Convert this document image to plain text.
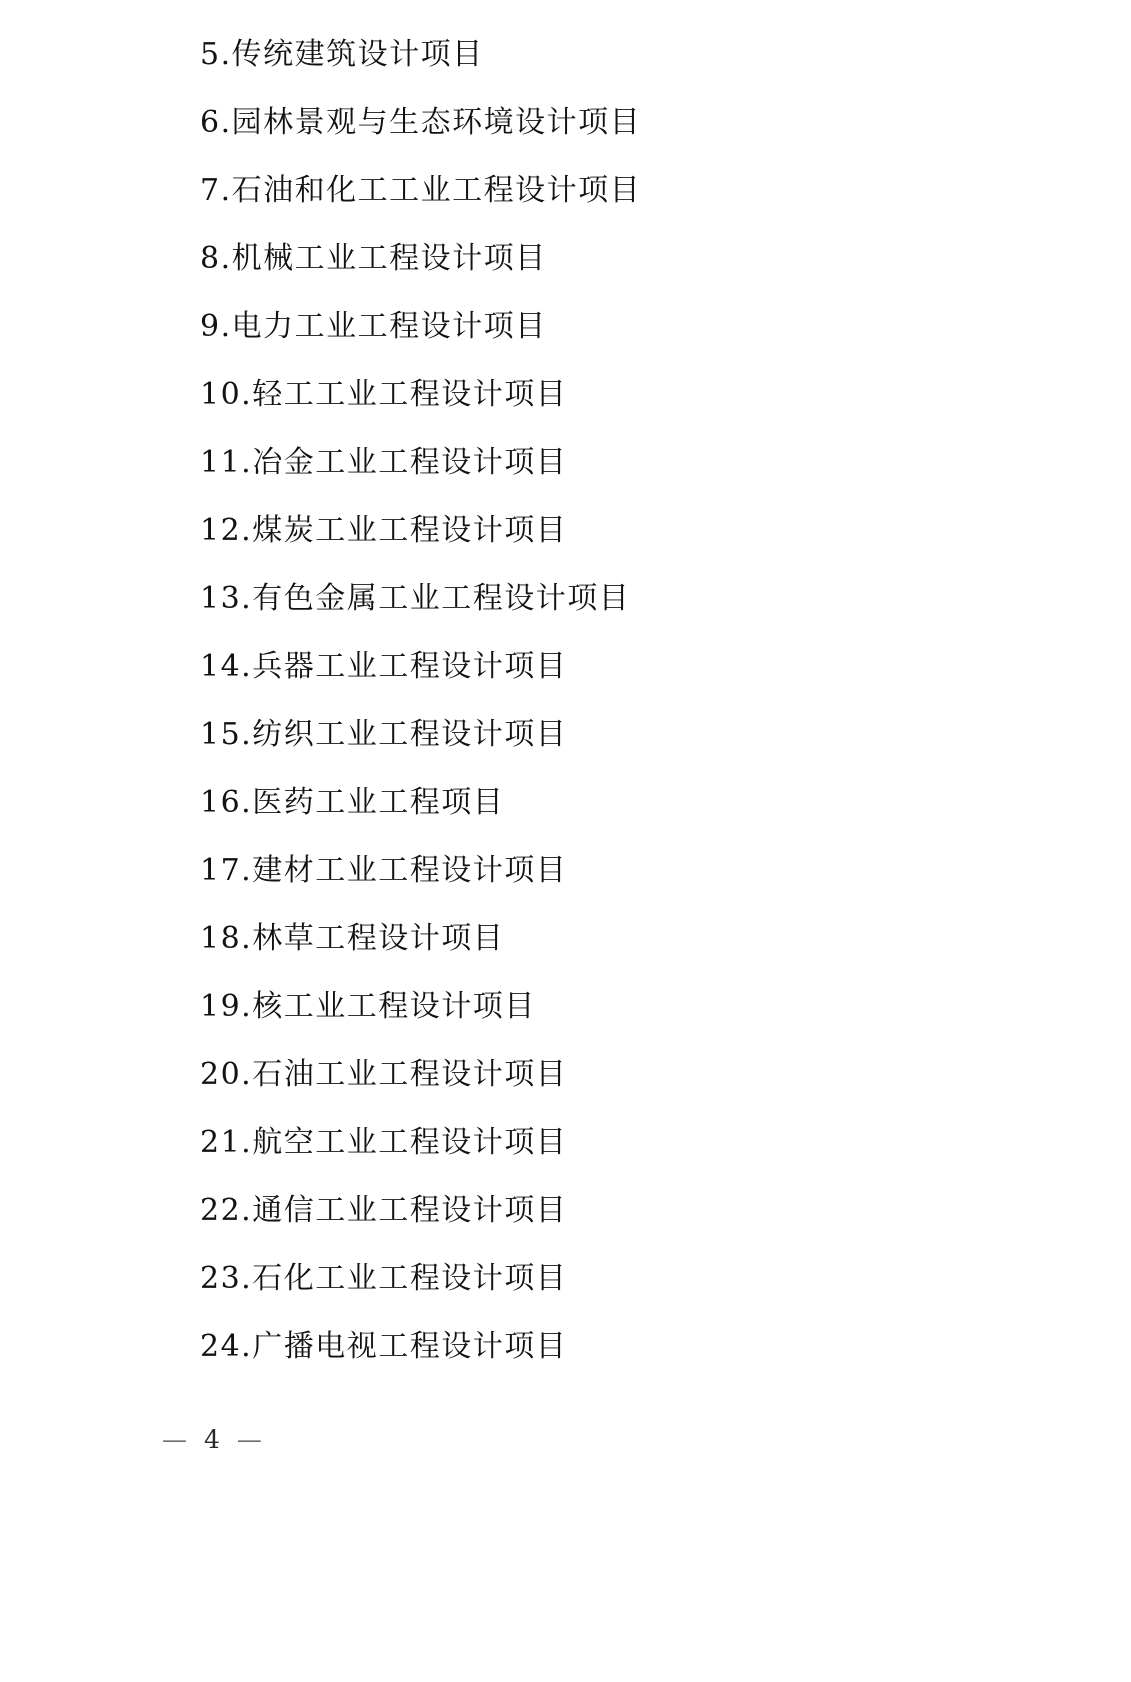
5.传统建筑设计项目

6.园林景观与生态环境设计项目

7.石油和化工工业工程设计项目

8.机械工业工程设计项目

9.电力工业工程设计项目

10.轻工工业工程设计项目

11.冶金工业工程设计项目

12.煤炭工业工程设计项目

13.有色金属工业工程设计项目

14.兵器工业工程设计项目

15.纺织工业工程设计项目

16.医药工业工程项目

17.建材工业工程设计项目

18.林草工程设计项目

19.核工业工程设计项目

20.石油工业工程设计项目

21.航空工业工程设计项目

22.通信工业工程设计项目

23.石化工业工程设计项目

24.广播电视工程设计项目

— 4 —
